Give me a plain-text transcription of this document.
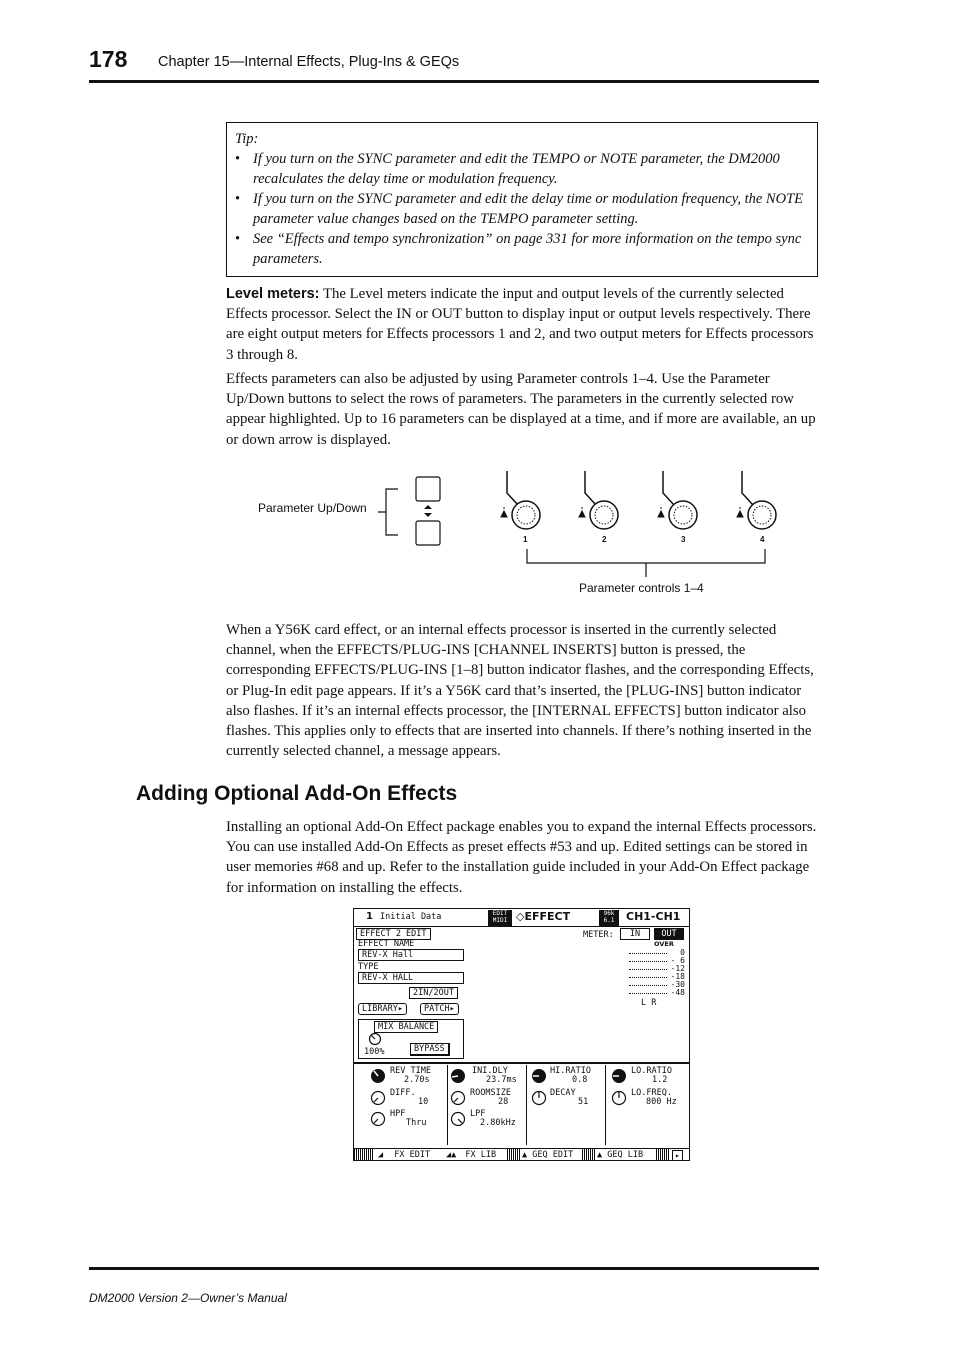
178 Chapter 15—Internal Effects, Plug-Ins & GEQs
Tip:
• If you turn on the SYNC parameter and edit the TEMPO or NOTE parameter, the DM2000 recalculates the delay time or modulation frequency.
• If you turn on the SYNC parameter and edit the delay time or modulation frequency, the NOTE parameter value changes based on the TEMPO parameter setting.
• See “Effects and tempo synchronization” on page 331 for more information on the tempo sync parameters.
Level meters: The Level meters indicate the input and output levels of the currently selected Effects processor. Select the IN or OUT button to display input or output levels respectively. There are eight output meters for Effects processors 1 and 2, and two output meters for Effects processors 3 through 8.
Effects parameters can also be adjusted by using Parameter controls 1–4. Use the Parameter Up/Down buttons to select the rows of parameters. The parameters in the currently selected row appear highlighted. Up to 16 parameters can be displayed at a time, and if more are available, an up or down arrow is displayed.
Parameter Up/Down
1	2	3	4
Parameter controls 1–4
When a Y56K card effect, or an internal effects processor is inserted in the currently selected channel, when the EFFECTS/PLUG-INS [CHANNEL INSERTS] button is pressed, the corresponding EFFECTS/PLUG-INS [1–8] button indicator flashes, and the corresponding Effects, or Plug-In edit page appears. If it’s a Y56K card that’s inserted, the [PLUG-INS] button indicator also flashes. If it’s an internal effects processor, the [INTERNAL EFFECTS] button indicator also flashes. This applies only to effects that are inserted into channels. If there’s nothing inserted in the currently selected channel, a message appears.
Adding Optional Add-On Effects
Installing an optional Add-On Effect package enables you to expand the internal Effects processors. You can use installed Add-On Effects as preset effects #53 and up. Edited settings can be stored in user memories #68 and up. Refer to the installation guide included in your Add-On Effect package for information on installing the effects.
1 Initial Data	EDIT
MIDI ◇EFFECT	96k
6.1	CH1-CH1
EFFECT 2 EDIT	METER:	IN	OUT
EFFECT NAME
REV-X Hall
TYPE
REV-X HALL
2IN/2OUT
LIBRARY▸	PATCH▸
MIX BALANCE
100%	BYPASS
OVER
0
- 6
-12
-18
-30
-48
L R
REV TIME
2.70s
INI.DLY
23.7ms
HI.RATIO
0.8
LO.RATIO
1.2
DIFF.
10
ROOMSIZE
28
DECAY
51
LO.FREQ.
800 Hz
HPF
Thru
LPF
2.80kHz
◢ FX EDIT ◢▲ FX LIB	▲ GEQ EDIT	▲ GEQ LIB	▸
DM2000 Version 2—Owner’s Manual
